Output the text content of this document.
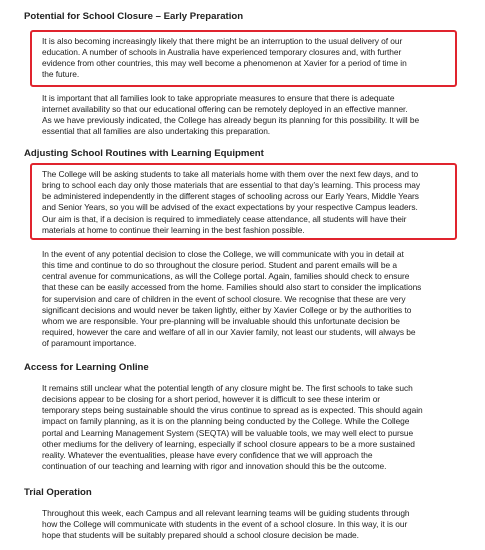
Potential for School Closure – Early Preparation
It is also becoming increasingly likely that there might be an interruption to the usual delivery of our
education. A number of schools in Australia have experienced temporary closures and, with further
evidence from other countries, this may well become a phenomenon at Xavier for a period of time in
the future.
It is important that all families look to take appropriate measures to ensure that there is adequate
internet availability so that our educational offering can be remotely deployed in an effective manner.
As we have previously indicated, the College has already begun its planning for this possibility. It will be
essential that all families are also undertaking this preparation.
Adjusting School Routines with Learning Equipment
The College will be asking students to take all materials home with them over the next few days, and to
bring to school each day only those materials that are essential to that day’s learning. This process may
be administered independently in the different stages of schooling across our Early Years, Middle Years
and Senior Years, so you will be advised of the exact expectations by your respective Campus leaders.
Our aim is that, if a decision is required to immediately cease attendance, all students will have their
materials at home to continue their learning in the best fashion possible.
In the event of any potential decision to close the College, we will communicate with you in detail at
this time and continue to do so throughout the closure period. Student and parent emails will be a
central avenue for communications, as will the College portal. Again, families should check to ensure
that these can be easily accessed from the home. Families should also start to consider the implications
for supervision and care of children in the event of school closure. We recognise that these are very
significant decisions and would never be taken lightly, either by Xavier College or by the authorities to
whom we are responsible. Your pre-planning will be invaluable should this unfortunate decision be
required, however the care and welfare of all in our Xavier family, not least our students, will always be
of paramount importance.
Access for Learning Online
It remains still unclear what the potential length of any closure might be. The first schools to take such
decisions appear to be closing for a short period, however it is difficult to see these interim or
temporary steps being sustainable should the virus continue to spread as is expected. This should again
impact on family planning, as it is on the planning being conducted by the College. While the College
portal and Learning Management System (SEQTA) will be valuable tools, we may well elect to pursue
other mediums for the delivery of learning, especially if school closure appears to be a more sustained
reality. Whatever the eventualities, please have every confidence that we will approach the
continuation of our teaching and learning with rigor and innovation should this be the outcome.
Trial Operation
Throughout this week, each Campus and all relevant learning teams will be guiding students through
how the College will communicate with students in the event of a school closure. In this way, it is our
hope that students will be suitably prepared should a school closure decision be made.
